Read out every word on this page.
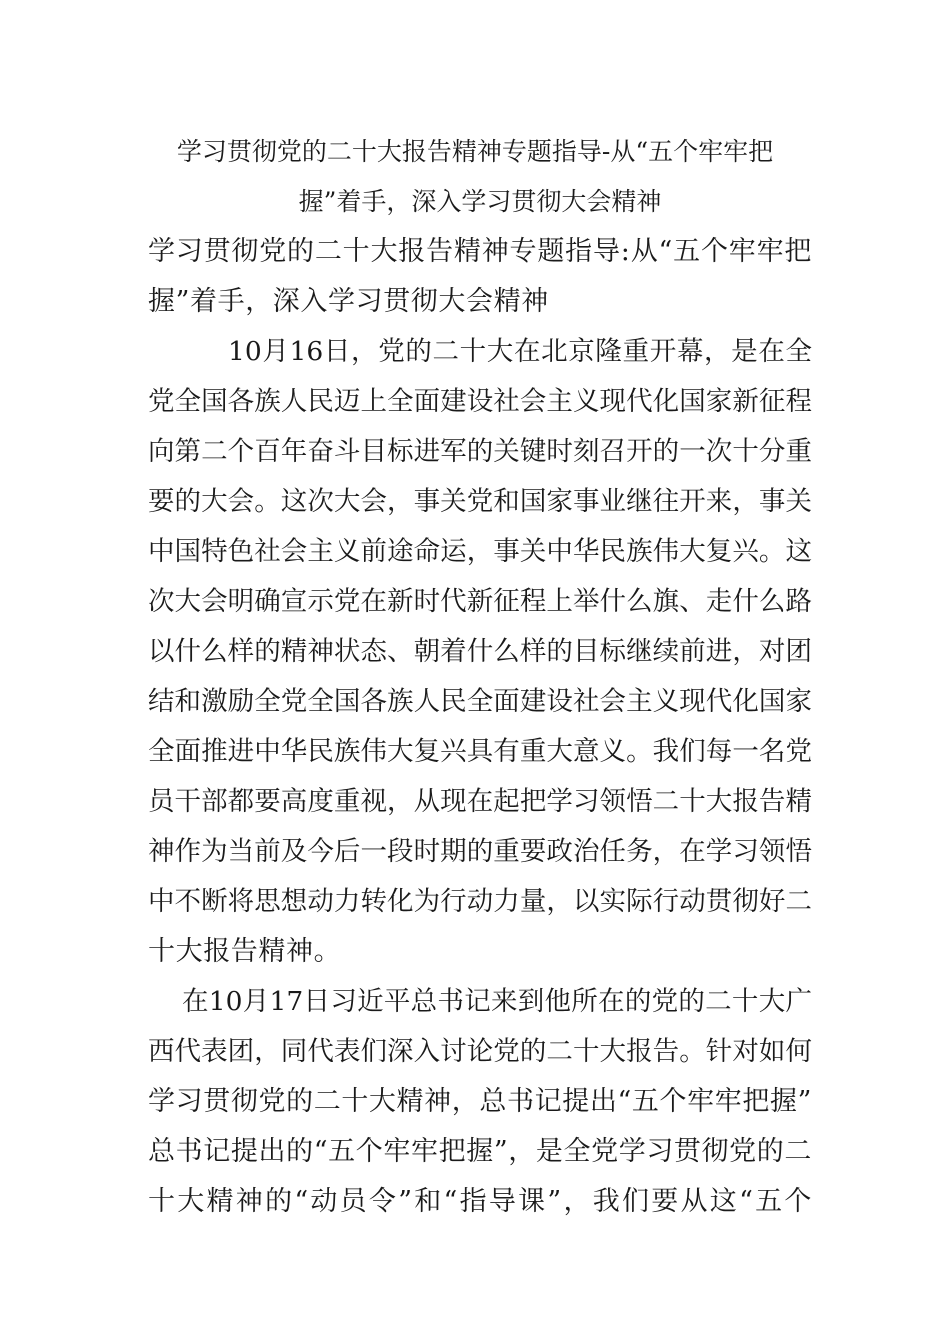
学习贯彻党的二十大报告精神专题指导-从“五个牢牢把
握”着手，深入学习贯彻大会精神
学习贯彻党的二十大报告精神专题指导:从“五个牢牢把
握”着手，深入学习贯彻大会精神
10月16日，党的二十大在北京隆重开幕，是在全
党全国各族人民迈上全面建设社会主义现代化国家新征程
向第二个百年奋斗目标进军的关键时刻召开的一次十分重
要的大会。这次大会，事关党和国家事业继往开来，事关
中国特色社会主义前途命运，事关中华民族伟大复兴。这
次大会明确宣示党在新时代新征程上举什么旗、走什么路
以什么样的精神状态、朝着什么样的目标继续前进，对团
结和激励全党全国各族人民全面建设社会主义现代化国家
全面推进中华民族伟大复兴具有重大意义。我们每一名党
员干部都要高度重视，从现在起把学习领悟二十大报告精
神作为当前及今后一段时期的重要政治任务，在学习领悟
中不断将思想动力转化为行动力量，以实际行动贯彻好二
十大报告精神。
在10月17日习近平总书记来到他所在的党的二十大广
西代表团，同代表们深入讨论党的二十大报告。针对如何
学习贯彻党的二十大精神，总书记提出“五个牢牢把握”
总书记提出的“五个牢牢把握”，是全党学习贯彻党的二
十大精神的“动员令”和“指导课”，我们要从这“五个
